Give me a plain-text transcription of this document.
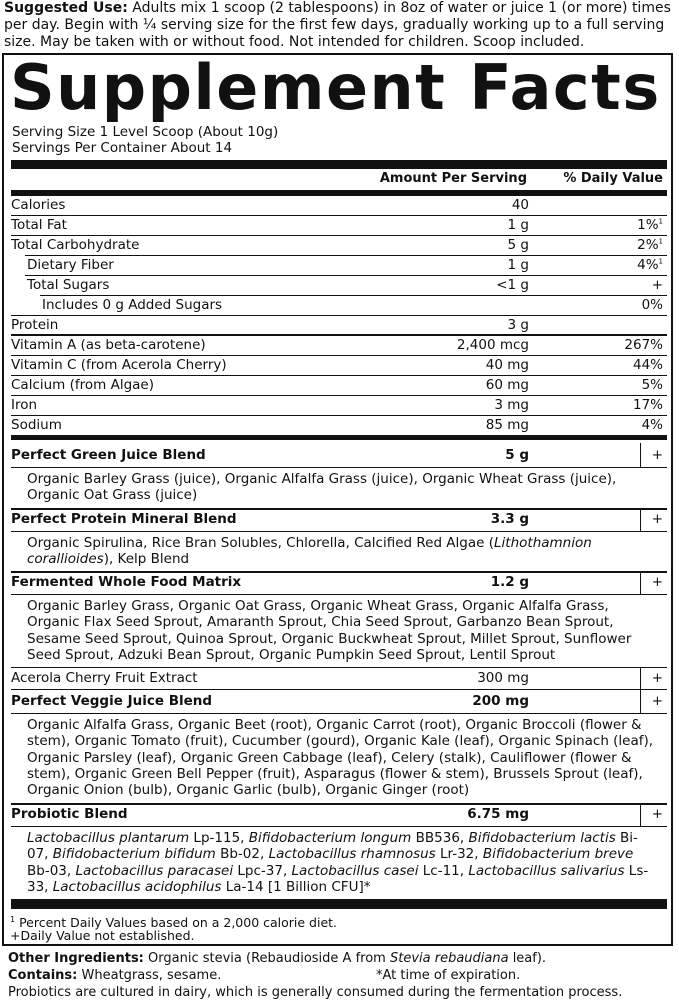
Suggested Use: Adults mix 1 scoop (2 tablespoons) in 8oz of water or juice 1 (or more) times per day. Begin with ¼ serving size for the first few days, gradually working up to a full serving size. May be taken with or without food. Not intended for children. Scoop included.
Supplement Facts
Serving Size 1 Level Scoop (About 10g)
Servings Per Container About 14
Amount Per Serving	% Daily Value
Calories	40
Total Fat	1 g	1%$^1$
Total Carbohydrate	5 g	2%$^1$
Dietary Fiber	1 g	4%$^1$
Total Sugars	<1 g	+
Includes 0 g Added Sugars	0%
Protein	3 g
Vitamin A (as beta-carotene)	2,400 mcg	267%
Vitamin C (from Acerola Cherry)	40 mg	44%
Calcium (from Algae)	60 mg	5%
Iron	3 mg	17%
Sodium	85 mg	4%
Perfect Green Juice Blend	5 g	+
Organic Barley Grass (juice), Organic Alfalfa Grass (juice), Organic Wheat Grass (juice), Organic Oat Grass (juice)
Perfect Protein Mineral Blend	3.3 g	+
Organic Spirulina, Rice Bran Solubles, Chlorella, Calcified Red Algae (Lithothamnion corallioides), Kelp Blend
Fermented Whole Food Matrix	1.2 g	+
Organic Barley Grass, Organic Oat Grass, Organic Wheat Grass, Organic Alfalfa Grass, Organic Flax Seed Sprout, Amaranth Sprout, Chia Seed Sprout, Garbanzo Bean Sprout, Sesame Seed Sprout, Quinoa Sprout, Organic Buckwheat Sprout, Millet Sprout, Sunflower Seed Sprout, Adzuki Bean Sprout, Organic Pumpkin Seed Sprout, Lentil Sprout
Acerola Cherry Fruit Extract	300 mg	+
Perfect Veggie Juice Blend	200 mg	+
Organic Alfalfa Grass, Organic Beet (root), Organic Carrot (root), Organic Broccoli (flower & stem), Organic Tomato (fruit), Cucumber (gourd), Organic Kale (leaf), Organic Spinach (leaf), Organic Parsley (leaf), Organic Green Cabbage (leaf), Celery (stalk), Cauliflower (flower & stem), Organic Green Bell Pepper (fruit), Asparagus (flower & stem), Brussels Sprout (leaf), Organic Onion (bulb), Organic Garlic (bulb), Organic Ginger (root)
Probiotic Blend	6.75 mg	+
Lactobacillus plantarum Lp-115, Bifidobacterium longum BB536, Bifidobacterium lactis Bi-07, Bifidobacterium bifidum Bb-02, Lactobacillus rhamnosus Lr-32, Bifidobacterium breve Bb-03, Lactobacillus paracasei Lpc-37, Lactobacillus casei Lc-11, Lactobacillus salivarius Ls-33, Lactobacillus acidophilus La-14 [1 Billion CFU]*
$^1$ Percent Daily Values based on a 2,000 calorie diet.
+Daily Value not established.
Other Ingredients: Organic stevia (Rebaudioside A from Stevia rebaudiana leaf).
Contains: Wheatgrass, sesame.	*At time of expiration.
Probiotics are cultured in dairy, which is generally consumed during the fermentation process.
